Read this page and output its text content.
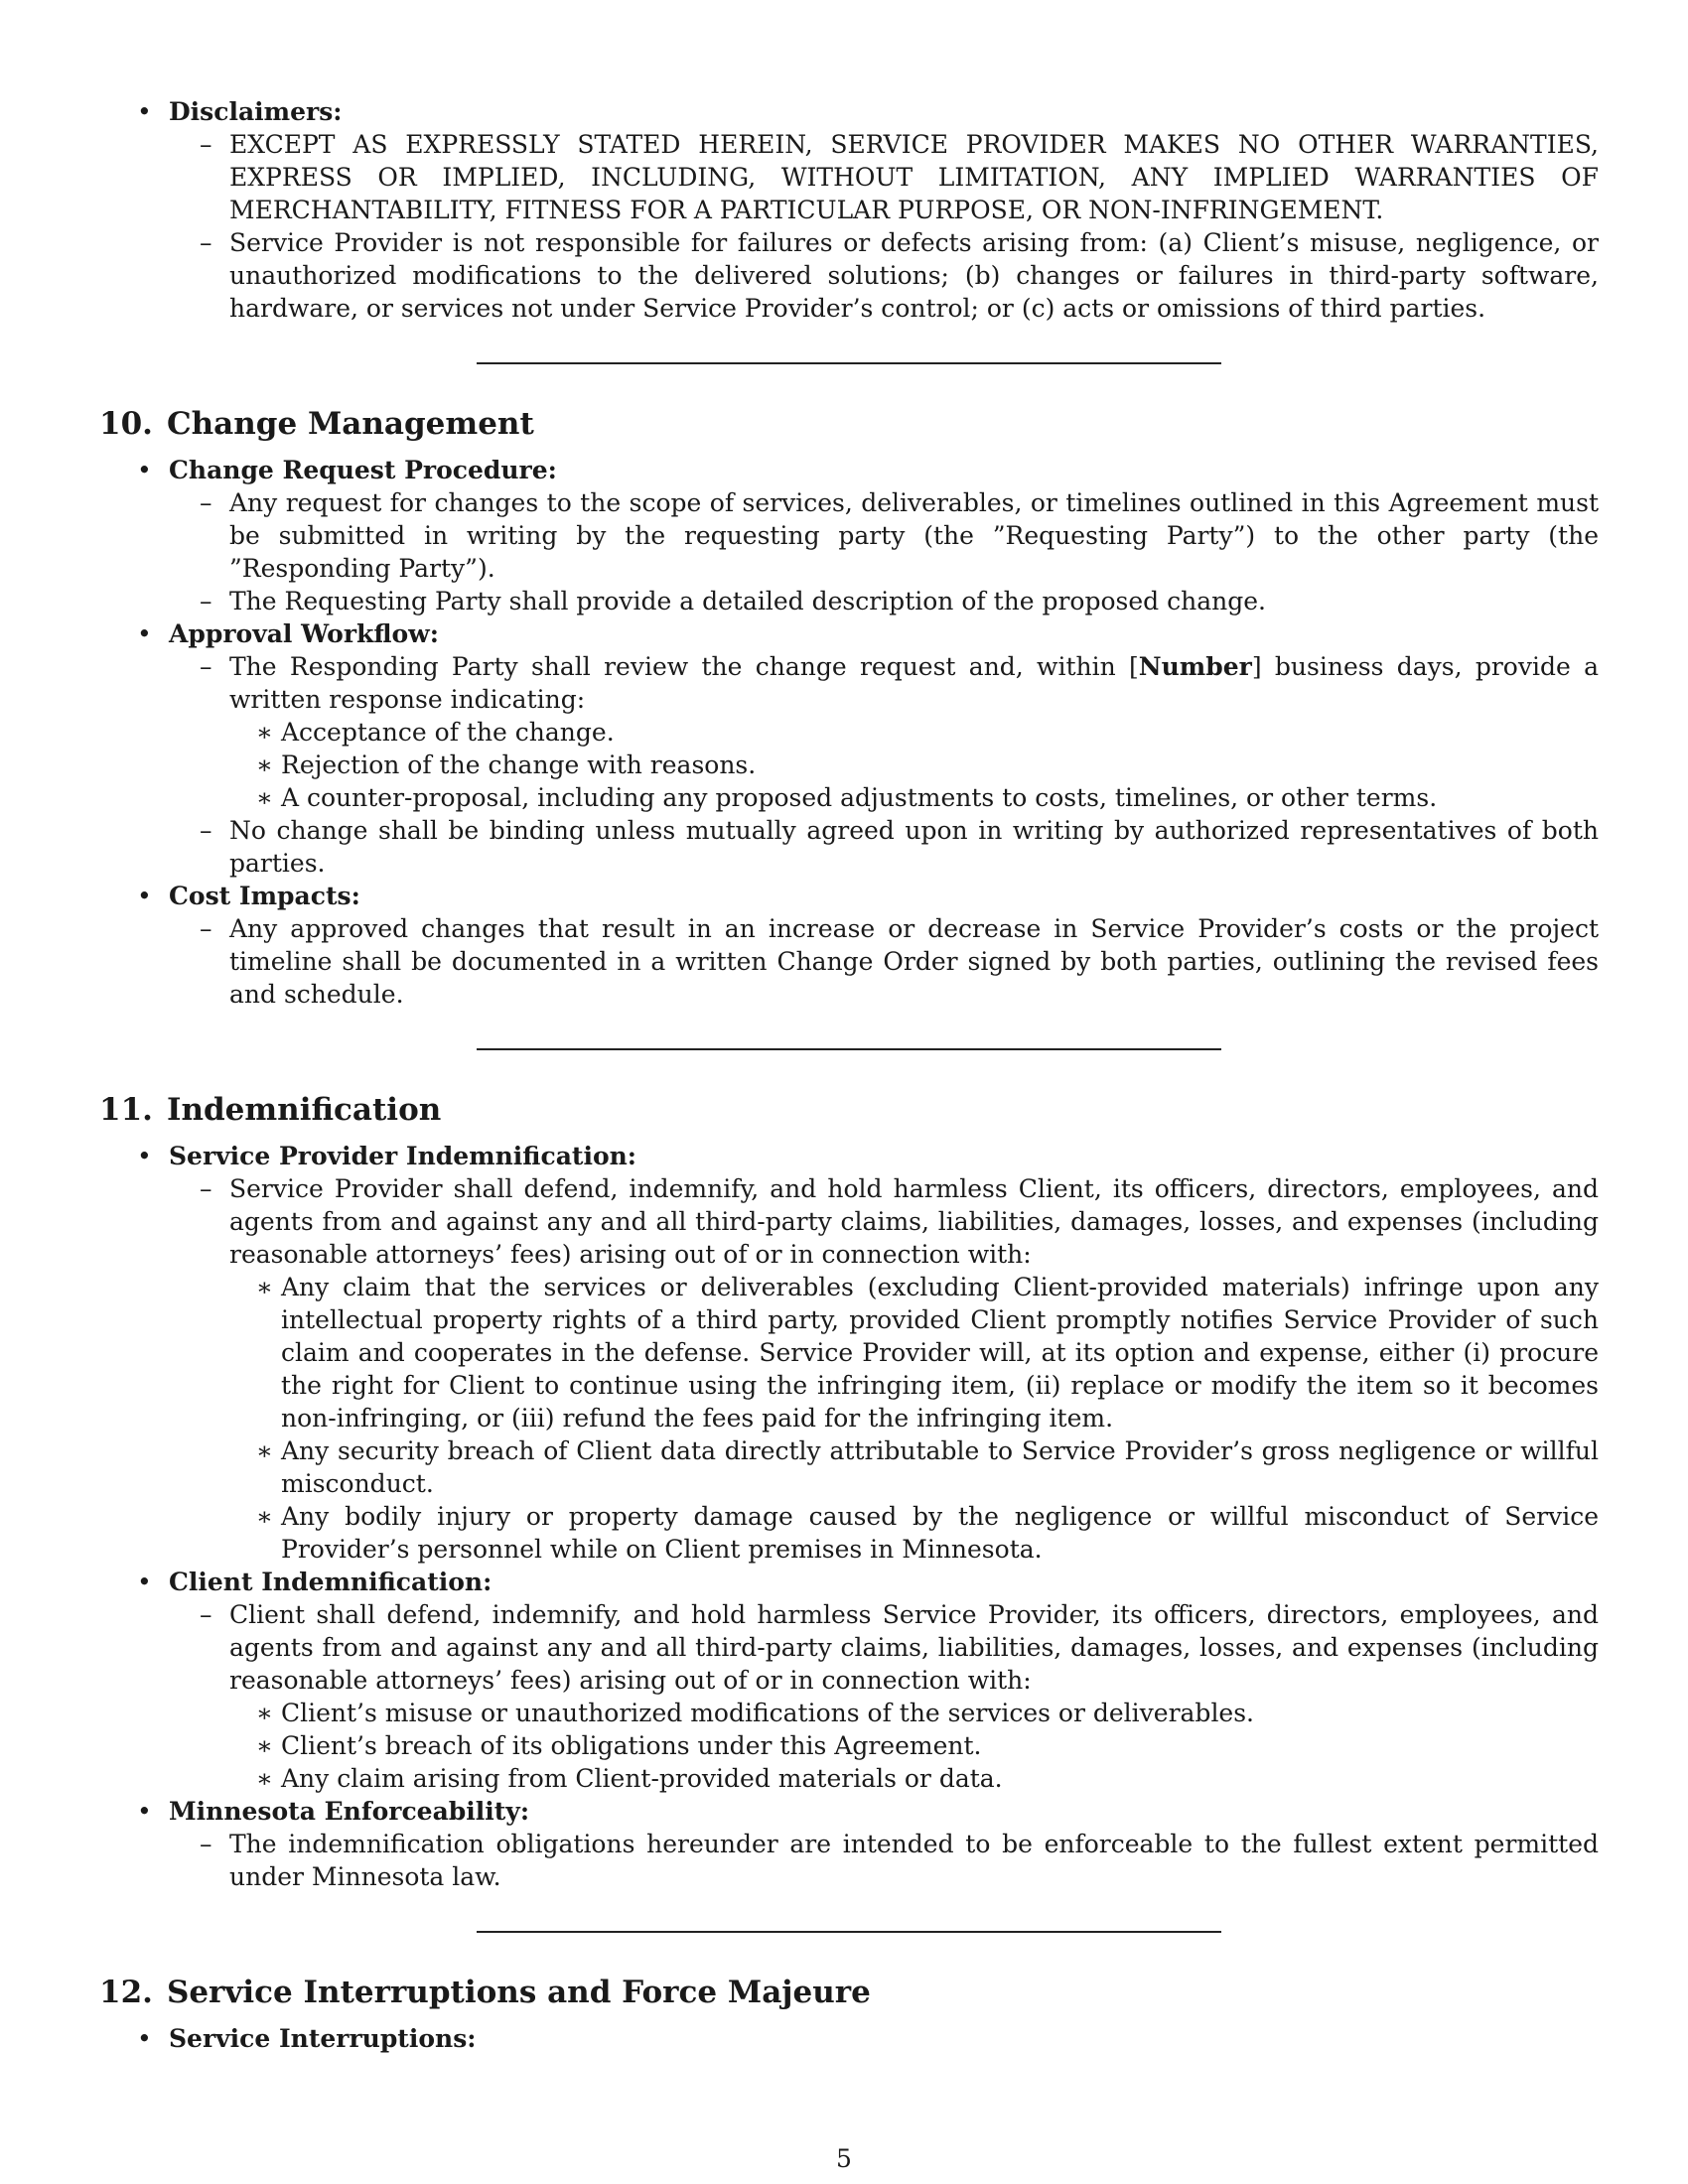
• Disclaimers:
– EXCEPT AS EXPRESSLY STATED HEREIN, SERVICE PROVIDER MAKES NO OTHER WARRANTIES, EXPRESS OR IMPLIED, INCLUDING, WITHOUT LIMITATION, ANY IMPLIED WARRANTIES OF MERCHANTABILITY, FITNESS FOR A PARTICULAR PURPOSE, OR NON-INFRINGEMENT.
– Service Provider is not responsible for failures or defects arising from: (a) Client’s misuse, negligence, or unauthorized modifications to the delivered solutions; (b) changes or failures in third-party software, hardware, or services not under Service Provider’s control; or (c) acts or omissions of third parties.
10. Change Management
• Change Request Procedure:
– Any request for changes to the scope of services, deliverables, or timelines outlined in this Agreement must be submitted in writing by the requesting party (the ”Requesting Party”) to the other party (the ”Responding Party”).
– The Requesting Party shall provide a detailed description of the proposed change.
• Approval Workflow:
– The Responding Party shall review the change request and, within [Number] business days, provide a written response indicating:
∗ Acceptance of the change.
∗ Rejection of the change with reasons.
∗ A counter-proposal, including any proposed adjustments to costs, timelines, or other terms.
– No change shall be binding unless mutually agreed upon in writing by authorized representatives of both parties.
• Cost Impacts:
– Any approved changes that result in an increase or decrease in Service Provider’s costs or the project timeline shall be documented in a written Change Order signed by both parties, outlining the revised fees and schedule.
11. Indemnification
• Service Provider Indemnification:
– Service Provider shall defend, indemnify, and hold harmless Client, its officers, directors, employees, and agents from and against any and all third-party claims, liabilities, damages, losses, and expenses (including reasonable attorneys’ fees) arising out of or in connection with:
∗ Any claim that the services or deliverables (excluding Client-provided materials) infringe upon any intellectual property rights of a third party, provided Client promptly notifies Service Provider of such claim and cooperates in the defense. Service Provider will, at its option and expense, either (i) procure the right for Client to continue using the infringing item, (ii) replace or modify the item so it becomes non-infringing, or (iii) refund the fees paid for the infringing item.
∗ Any security breach of Client data directly attributable to Service Provider’s gross negligence or willful misconduct.
∗ Any bodily injury or property damage caused by the negligence or willful misconduct of Service Provider’s personnel while on Client premises in Minnesota.
• Client Indemnification:
– Client shall defend, indemnify, and hold harmless Service Provider, its officers, directors, employees, and agents from and against any and all third-party claims, liabilities, damages, losses, and expenses (including reasonable attorneys’ fees) arising out of or in connection with:
∗ Client’s misuse or unauthorized modifications of the services or deliverables.
∗ Client’s breach of its obligations under this Agreement.
∗ Any claim arising from Client-provided materials or data.
• Minnesota Enforceability:
– The indemnification obligations hereunder are intended to be enforceable to the fullest extent permitted under Minnesota law.
12. Service Interruptions and Force Majeure
• Service Interruptions:
5
